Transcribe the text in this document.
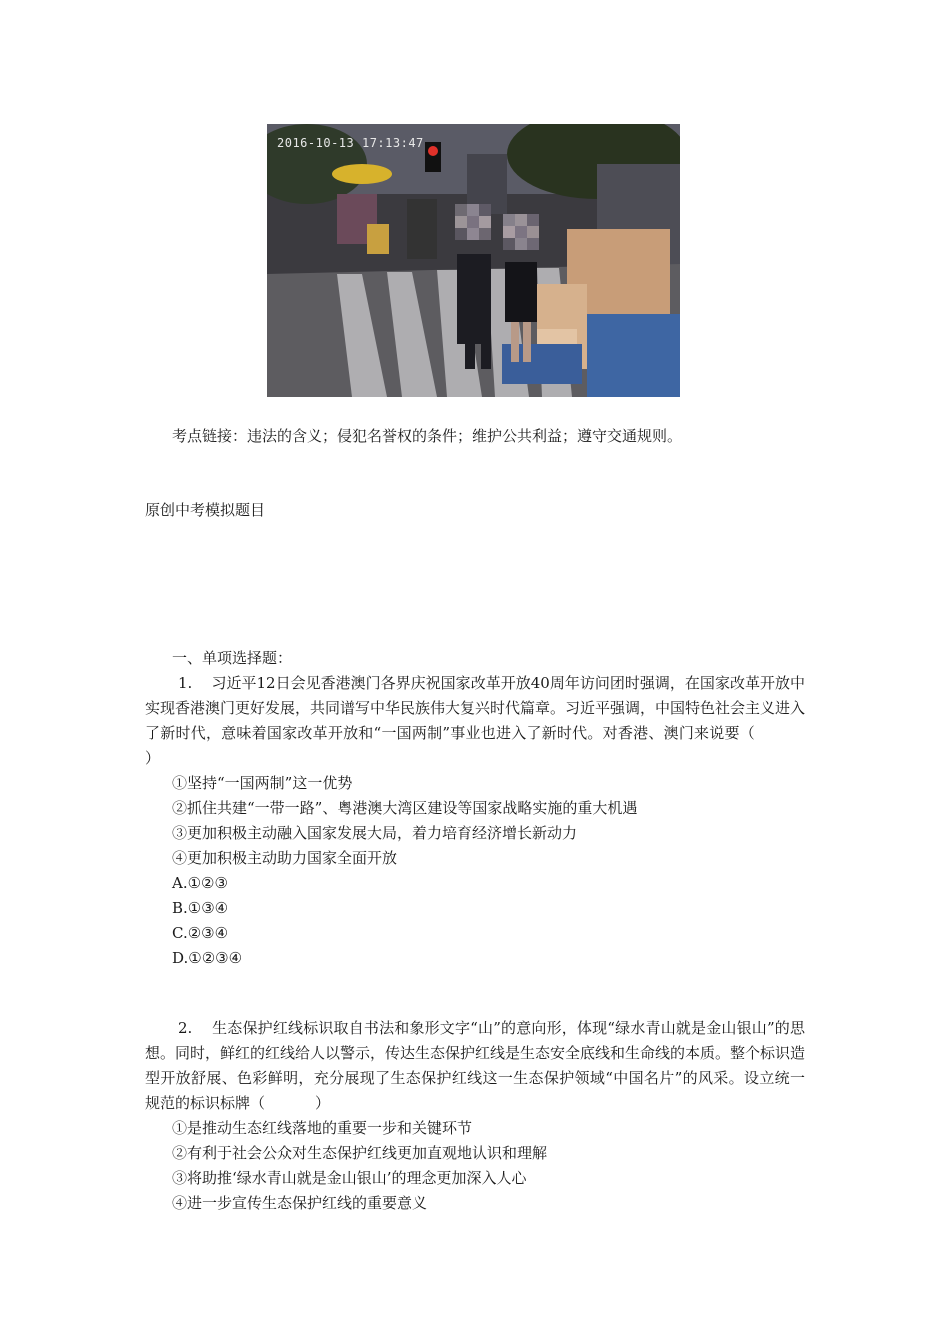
2016-10-13 17:13:47
考点链接：违法的含义；侵犯名誉权的条件；维护公共利益；遵守交通规则。
原创中考模拟题目
一、单项选择题：
1. 习近平12日会见香港澳门各界庆祝国家改革开放40周年访问团时强调，在国家改革开放中实现香港澳门更好发展，共同谱写中华民族伟大复兴时代篇章。习近平强调，中国特色社会主义进入了新时代，意味着国家改革开放和“一国两制”事业也进入了新时代。对香港、澳门来说要（）
①坚持“一国两制”这一优势
②抓住共建“一带一路”、粤港澳大湾区建设等国家战略实施的重大机遇
③更加积极主动融入国家发展大局，着力培育经济增长新动力
④更加积极主动助力国家全面开放
A.①②③
B.①③④
C.②③④
D.①②③④
2. 生态保护红线标识取自书法和象形文字“山”的意向形，体现“绿水青山就是金山银山”的思想。同时，鲜红的红线给人以警示，传达生态保护红线是生态安全底线和生命线的本质。整个标识造型开放舒展、色彩鲜明，充分展现了生态保护红线这一生态保护领域“中国名片”的风采。设立统一规范的标识标牌（	）
①是推动生态红线落地的重要一步和关键环节
②有利于社会公众对生态保护红线更加直观地认识和理解
③将助推‘绿水青山就是金山银山’的理念更加深入人心
④进一步宣传生态保护红线的重要意义
